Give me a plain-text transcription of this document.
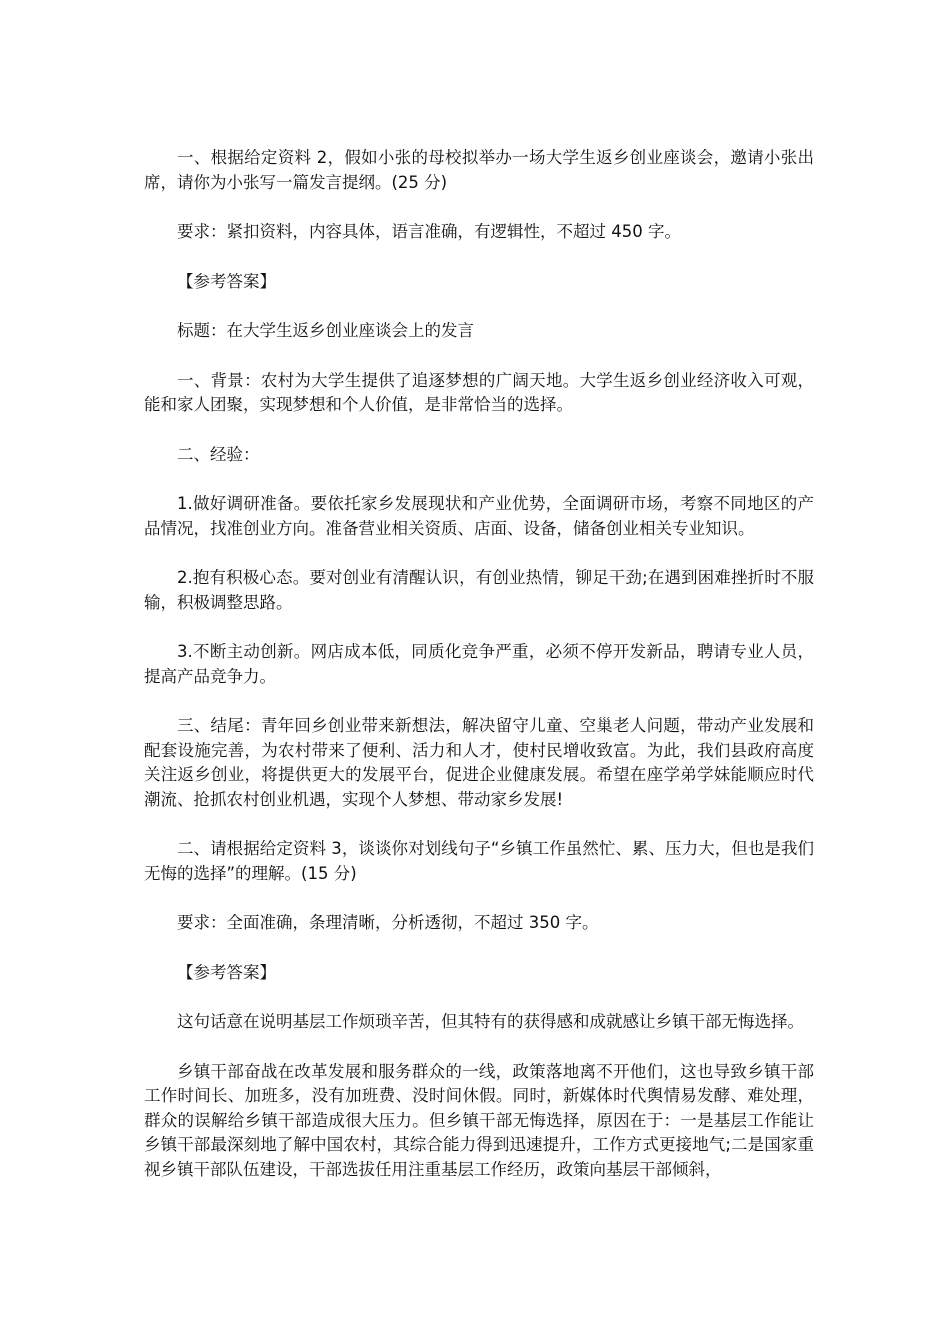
一、根据给定资料 2，假如小张的母校拟举办一场大学生返乡创业座谈会，邀请小张出席，请你为小张写一篇发言提纲。(25 分)

要求：紧扣资料，内容具体，语言准确，有逻辑性，不超过 450 字。

【参考答案】

标题：在大学生返乡创业座谈会上的发言

一、背景：农村为大学生提供了追逐梦想的广阔天地。大学生返乡创业经济收入可观，能和家人团聚，实现梦想和个人价值，是非常恰当的选择。

二、经验：

1.做好调研准备。要依托家乡发展现状和产业优势，全面调研市场，考察不同地区的产品情况，找准创业方向。准备营业相关资质、店面、设备，储备创业相关专业知识。

2.抱有积极心态。要对创业有清醒认识，有创业热情，铆足干劲;在遇到困难挫折时不服输，积极调整思路。

3.不断主动创新。网店成本低，同质化竞争严重，必须不停开发新品，聘请专业人员，提高产品竞争力。

三、结尾：青年回乡创业带来新想法，解决留守儿童、空巢老人问题，带动产业发展和配套设施完善，为农村带来了便利、活力和人才，使村民增收致富。为此，我们县政府高度关注返乡创业，将提供更大的发展平台，促进企业健康发展。希望在座学弟学妹能顺应时代潮流、抢抓农村创业机遇，实现个人梦想、带动家乡发展!

二、请根据给定资料 3，谈谈你对划线句子“乡镇工作虽然忙、累、压力大，但也是我们无悔的选择”的理解。(15 分)

要求：全面准确，条理清晰，分析透彻，不超过 350 字。

【参考答案】

这句话意在说明基层工作烦琐辛苦，但其特有的获得感和成就感让乡镇干部无悔选择。

乡镇干部奋战在改革发展和服务群众的一线，政策落地离不开他们，这也导致乡镇干部工作时间长、加班多，没有加班费、没时间休假。同时，新媒体时代舆情易发酵、难处理，群众的误解给乡镇干部造成很大压力。但乡镇干部无悔选择，原因在于：一是基层工作能让乡镇干部最深刻地了解中国农村，其综合能力得到迅速提升，工作方式更接地气;二是国家重视乡镇干部队伍建设，干部选拔任用注重基层工作经历，政策向基层干部倾斜，
